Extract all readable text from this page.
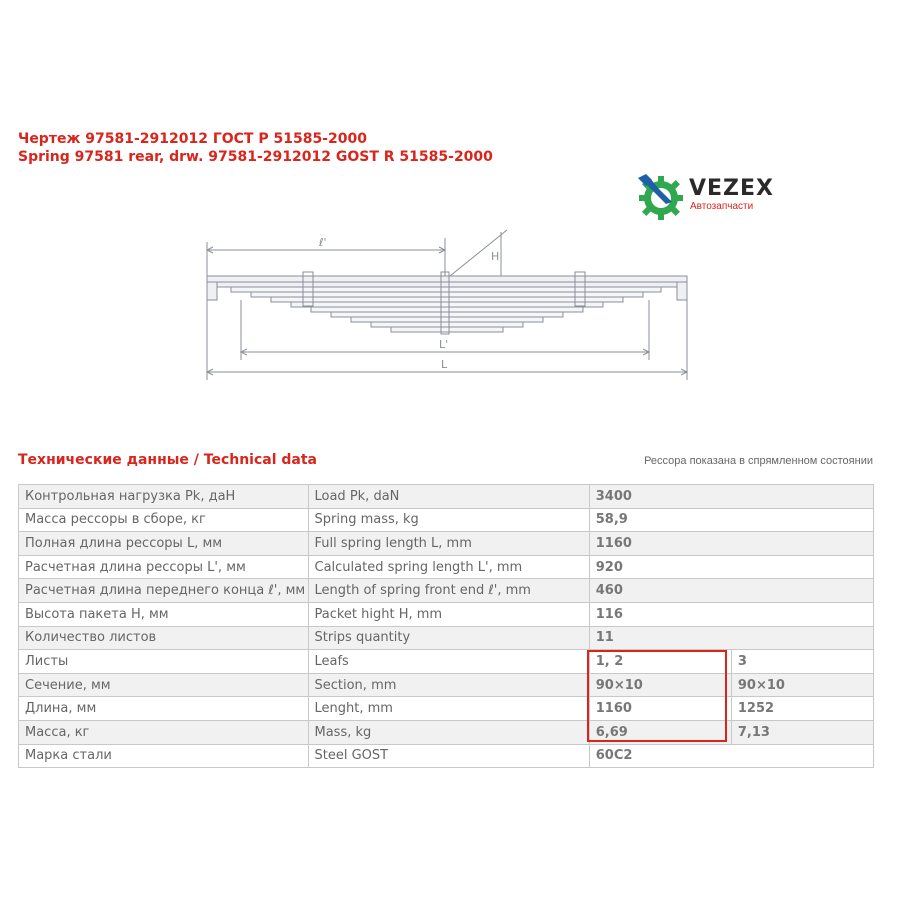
Чертеж 97581-2912012 ГОСТ Р 51585-2000
Spring 97581 rear, drw. 97581-2912012 GOST R 51585-2000
VEZEX
Автозапчасти
ℓ'
H
L'
L
Технические данные / Technical data	Рессора показана в спрямленном состоянии
Контрольная нагрузка Pk, даН	Load Pk, daN	3400	
Масса рессоры в сборе, кг	Spring mass, kg	58,9	
Полная длина рессоры L, мм	Full spring length L, mm	1160	
Расчетная длина рессоры L', мм	Calculated spring length L', mm	920	
Расчетная длина переднего конца ℓ', мм	Length of spring front end ℓ', mm	460	
Высота пакета H, мм	Packet hight H, mm	116	
Количество листов	Strips quantity	11	
Листы	Leafs	1, 2	3
Сечение, мм	Section, mm	90×10	90×10
Длина, мм	Lenght, mm	1160	1252
Масса, кг	Mass, kg	6,69	7,13
Марка стали	Steel GOST	60С2	
